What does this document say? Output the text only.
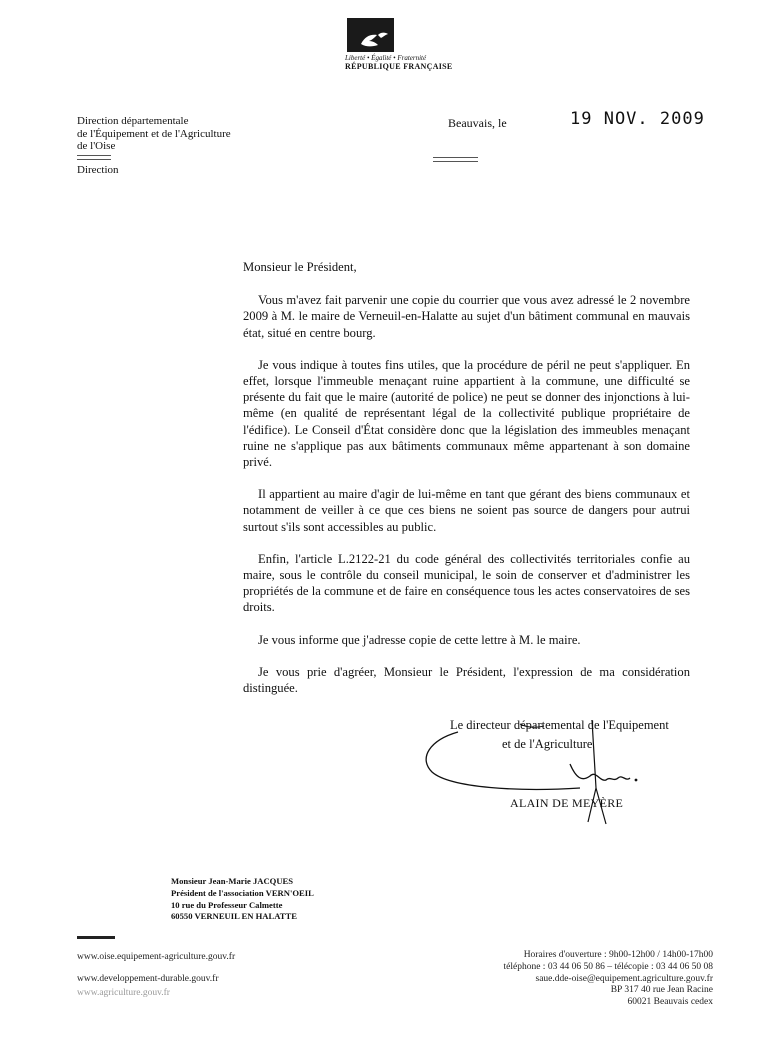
Liberté • Égalité • Fraternité
RÉPUBLIQUE FRANÇAISE
Direction départementale
de l'Équipement et de l'Agriculture
de l'Oise
Direction
Beauvais, le	19 NOV. 2009
Monsieur le Président,

Vous m'avez fait parvenir une copie du courrier que vous avez adressé le 2 novembre 2009 à M. le maire de Verneuil-en-Halatte au sujet d'un bâtiment communal en mauvais état, situé en centre bourg.

Je vous indique à toutes fins utiles, que la procédure de péril ne peut s'appliquer. En effet, lorsque l'immeuble menaçant ruine appartient à la commune, une difficulté se présente du fait que le maire (autorité de police) ne peut se donner des injonctions à lui-même (en qualité de représentant légal de la collectivité publique propriétaire de l'édifice). Le Conseil d'État considère donc que la législation des immeubles menaçant ruine ne s'applique pas aux bâtiments communaux même appartenant à son domaine privé.

Il appartient au maire d'agir de lui-même en tant que gérant des biens communaux et notamment de veiller à ce que ces biens ne soient pas source de dangers pour autrui surtout s'ils sont accessibles au public.

Enfin, l'article L.2122-21 du code général des collectivités territoriales confie au maire, sous le contrôle du conseil municipal, le soin de conserver et d'administrer les propriétés de la commune et de faire en conséquence tous les actes conservatoires de ses droits.

Je vous informe que j'adresse copie de cette lettre à M. le maire.

Je vous prie d'agréer, Monsieur le Président, l'expression de ma considération distinguée.

Le directeur départemental de l'Equipement
et de l'Agriculture
ALAIN DE MEYÈRE
Monsieur Jean-Marie JACQUES
Président de l'association VERN'OEIL
10 rue du Professeur Calmette
60550 VERNEUIL EN HALATTE
www.oise.equipement-agriculture.gouv.fr
www.developpement-durable.gouv.fr
www.agriculture.gouv.fr
Horaires d'ouverture : 9h00-12h00 / 14h00-17h00
téléphone : 03 44 06 50 86 – télécopie : 03 44 06 50 08
saue.dde-oise@equipement.agriculture.gouv.fr
BP 317 40 rue Jean Racine
60021 Beauvais cedex
